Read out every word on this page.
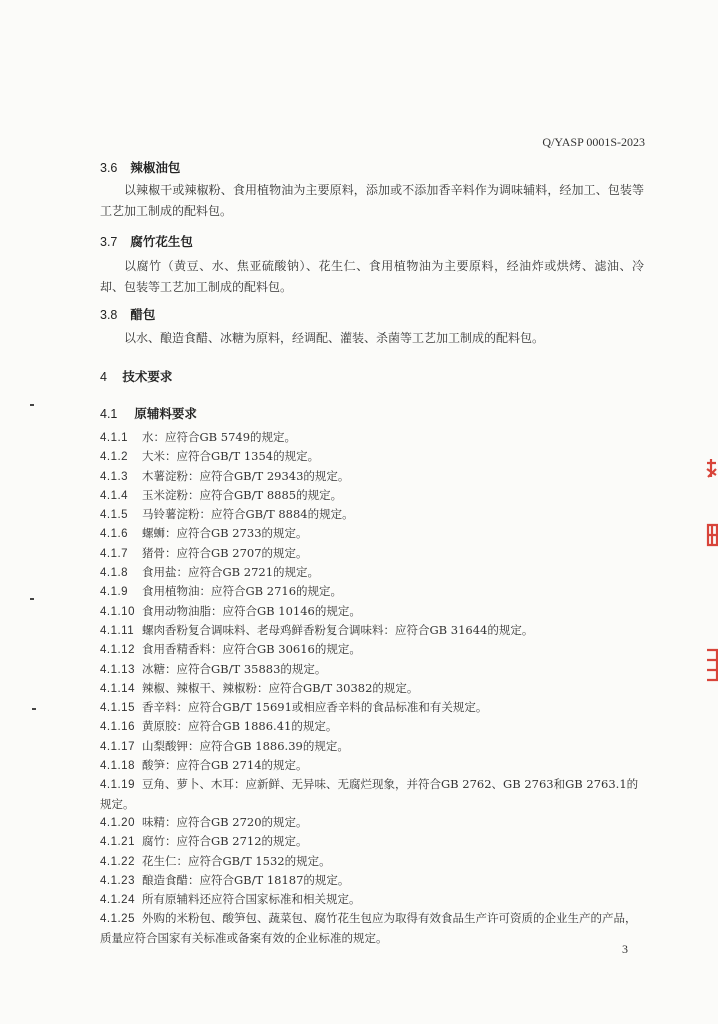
Q/YASP 0001S-2023
3.6 辣椒油包
以辣椒干或辣椒粉、食用植物油为主要原料，添加或不添加香辛料作为调味辅料，经加工、包装等工艺加工制成的配料包。
3.7 腐竹花生包
以腐竹（黄豆、水、焦亚硫酸钠）、花生仁、食用植物油为主要原料，经油炸或烘烤、滤油、冷却、包装等工艺加工制成的配料包。
3.8 醋包
以水、酿造食醋、冰糖为原料，经调配、灌装、杀菌等工艺加工制成的配料包。
4 技术要求
4.1 原辅料要求
4.1.1 水：应符合GB 5749的规定。
4.1.2 大米：应符合GB/T 1354的规定。
4.1.3 木薯淀粉：应符合GB/T 29343的规定。
4.1.4 玉米淀粉：应符合GB/T 8885的规定。
4.1.5 马铃薯淀粉：应符合GB/T 8884的规定。
4.1.6 螺蛳：应符合GB 2733的规定。
4.1.7 猪骨：应符合GB 2707的规定。
4.1.8 食用盐：应符合GB 2721的规定。
4.1.9 食用植物油：应符合GB 2716的规定。
4.1.10 食用动物油脂：应符合GB 10146的规定。
4.1.11 螺肉香粉复合调味料、老母鸡鲜香粉复合调味料：应符合GB 31644的规定。
4.1.12 食用香精香料：应符合GB 30616的规定。
4.1.13 冰糖：应符合GB/T 35883的规定。
4.1.14 辣椒、辣椒干、辣椒粉：应符合GB/T 30382的规定。
4.1.15 香辛料：应符合GB/T 15691或相应香辛料的食品标准和有关规定。
4.1.16 黄原胶：应符合GB 1886.41的规定。
4.1.17 山梨酸钾：应符合GB 1886.39的规定。
4.1.18 酸笋：应符合GB 2714的规定。
4.1.19 豆角、萝卜、木耳：应新鲜、无异味、无腐烂现象，并符合GB 2762、GB 2763和GB 2763.1的规定。
4.1.20 味精：应符合GB 2720的规定。
4.1.21 腐竹：应符合GB 2712的规定。
4.1.22 花生仁：应符合GB/T 1532的规定。
4.1.23 酿造食醋：应符合GB/T 18187的规定。
4.1.24 所有原辅料还应符合国家标准和相关规定。
4.1.25 外购的米粉包、酸笋包、蔬菜包、腐竹花生包应为取得有效食品生产许可资质的企业生产的产品，质量应符合国家有关标准或备案有效的企业标准的规定。
3
